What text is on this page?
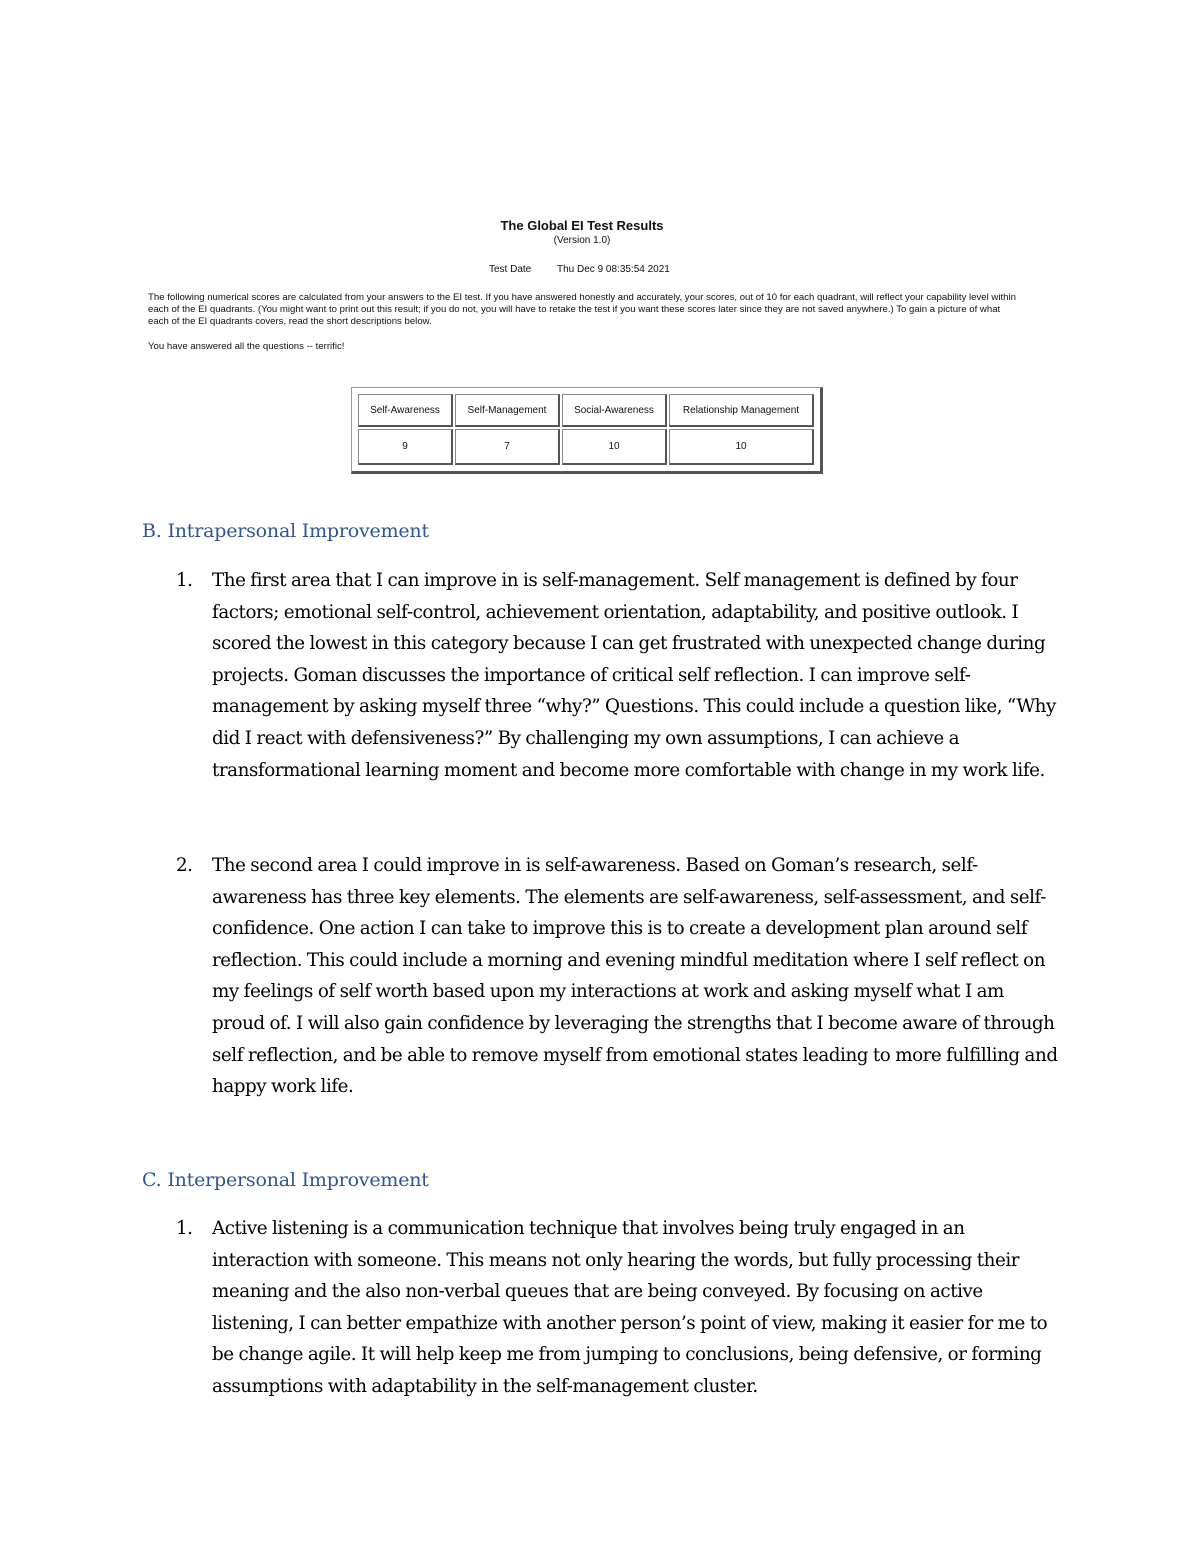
The Global EI Test Results
(Version 1.0)
Test Date	Thu Dec 9 08:35:54 2021

The following numerical scores are calculated from your answers to the EI test. If you have answered honestly and accurately, your scores, out of 10 for each quadrant, will reflect your capability level within each of the EI quadrants. (You might want to print out this result; if you do not, you will have to retake the test if you want these scores later since they are not saved anywhere.) To gain a picture of what each of the EI quadrants covers, read the short descriptions below.

You have answered all the questions -- terrific!
Self-Awareness	Self-Management	Social-Awareness	Relationship Management
9	7	10	10
B. Intrapersonal Improvement
1. The first area that I can improve in is self-management. Self management is defined by four factors; emotional self-control, achievement orientation, adaptability, and positive outlook. I scored the lowest in this category because I can get frustrated with unexpected change during projects. Goman discusses the importance of critical self reflection. I can improve self-management by asking myself three “why?” Questions. This could include a question like, “Why did I react with defensiveness?” By challenging my own assumptions, I can achieve a transformational learning moment and become more comfortable with change in my work life.

2. The second area I could improve in is self-awareness. Based on Goman’s research, self-awareness has three key elements. The elements are self-awareness, self-assessment, and self-confidence. One action I can take to improve this is to create a development plan around self reflection. This could include a morning and evening mindful meditation where I self reflect on my feelings of self worth based upon my interactions at work and asking myself what I am proud of. I will also gain confidence by leveraging the strengths that I become aware of through self reflection, and be able to remove myself from emotional states leading to more fulfilling and happy work life.

C. Interpersonal Improvement
1. Active listening is a communication technique that involves being truly engaged in an interaction with someone. This means not only hearing the words, but fully processing their meaning and the also non-verbal queues that are being conveyed. By focusing on active listening, I can better empathize with another person’s point of view, making it easier for me to be change agile. It will help keep me from jumping to conclusions, being defensive, or forming assumptions with adaptability in the self-management cluster.
